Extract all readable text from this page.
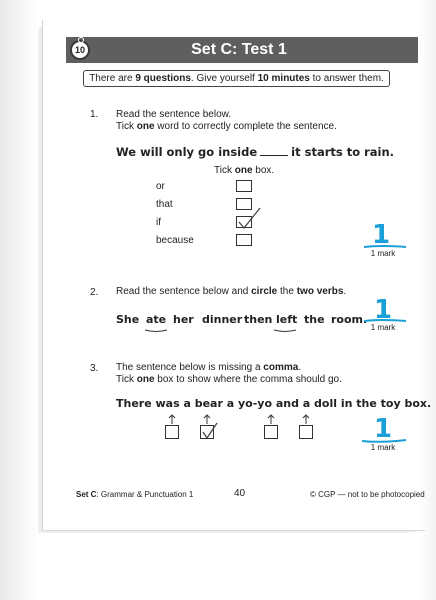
10	Set C: Test 1
There are 9 questions. Give yourself 10 minutes to answer them.
1. Read the sentence below.
Tick one word to correctly complete the sentence.
We will only go inside	it starts to rain.
Tick one box.
or
that
if
because	1
1 mark
2. Read the sentence below and circle the two verbs.
She ate her dinner then left the room. 1
1 mark
3. The sentence below is missing a comma.
Tick one box to show where the comma should go.
There was a bear a yo-yo and a doll in the toy box.
1
1 mark
Set C: Grammar & Punctuation 1	40	© CGP — not to be photocopied
